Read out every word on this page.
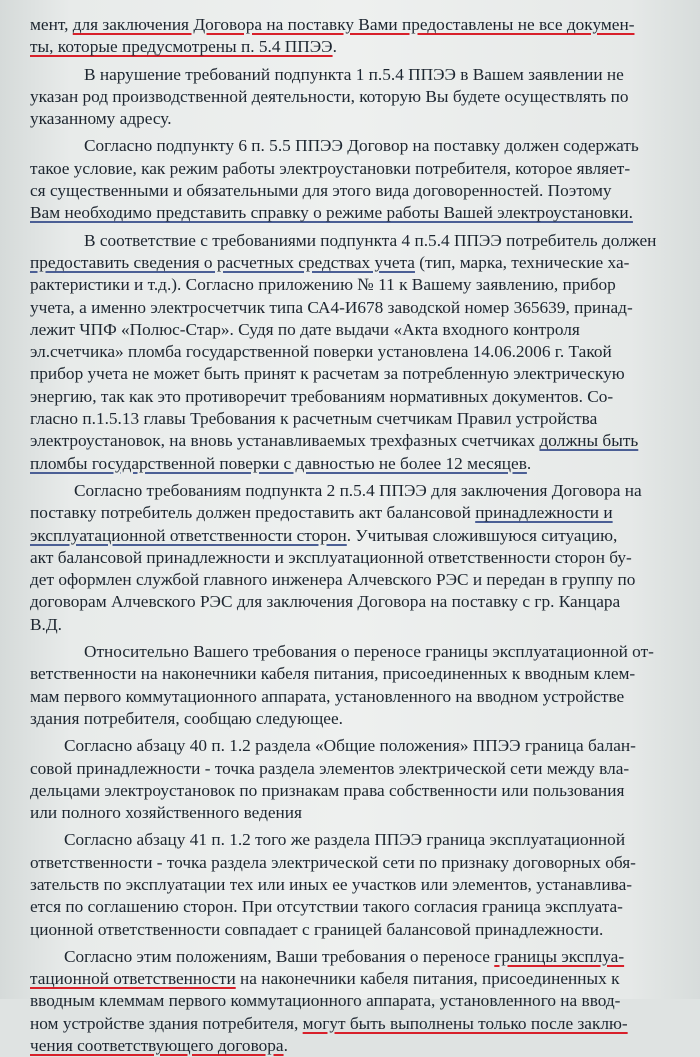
мент, для заключения Договора на поставку Вами предоставлены не все докумен-
ты, которые предусмотрены п. 5.4 ППЭЭ.

В нарушение требований подпункта 1 п.5.4 ППЭЭ в Вашем заявлении не
указан род производственной деятельности, которую Вы будете осуществлять по
указанному адресу.

Согласно подпункту 6 п. 5.5 ППЭЭ Договор на поставку должен содержать
такое условие, как режим работы электроустановки потребителя, которое являет-
ся существенными и обязательными для этого вида договоренностей. Поэтому
Вам необходимо представить справку о режиме работы Вашей электроустановки.

В соответствие с требованиями подпункта 4 п.5.4 ППЭЭ потребитель должен
предоставить сведения о расчетных средствах учета (тип, марка, технические ха-
рактеристики и т.д.). Согласно приложению № 11 к Вашему заявлению, прибор
учета, а именно электросчетчик типа СА4-И678 заводской номер 365639, принад-
лежит ЧПФ «Полюс-Стар». Судя по дате выдачи «Акта входного контроля
эл.счетчика» пломба государственной поверки установлена 14.06.2006 г. Такой
прибор учета не может быть принят к расчетам за потребленную электрическую
энергию, так как это противоречит требованиям нормативных документов. Со-
гласно п.1.5.13 главы Требования к расчетным счетчикам Правил устройства
электроустановок, на вновь устанавливаемых трехфазных счетчиках должны быть
пломбы государственной поверки с давностью не более 12 месяцев.

Согласно требованиям подпункта 2 п.5.4 ППЭЭ для заключения Договора на
поставку потребитель должен предоставить акт балансовой принадлежности и
эксплуатационной ответственности сторон. Учитывая сложившуюся ситуацию,
акт балансовой принадлежности и эксплуатационной ответственности сторон бу-
дет оформлен службой главного инженера Алчевского РЭС и передан в группу по
договорам Алчевского РЭС для заключения Договора на поставку с гр. Канцара
В.Д.

Относительно Вашего требования о переносе границы эксплуатационной от-
ветственности на наконечники кабеля питания, присоединенных к вводным клем-
мам первого коммутационного аппарата, установленного на вводном устройстве
здания потребителя, сообщаю следующее.

Согласно абзацу 40 п. 1.2 раздела «Общие положения» ППЭЭ граница балан-
совой принадлежности - точка раздела элементов электрической сети между вла-
дельцами электроустановок по признакам права собственности или пользования
или полного хозяйственного ведения

Согласно абзацу 41 п. 1.2 того же раздела ППЭЭ граница эксплуатационной
ответственности - точка раздела электрической сети по признаку договорных обя-
зательств по эксплуатации тех или иных ее участков или элементов, устанавлива-
ется по соглашению сторон. При отсутствии такого согласия граница эксплуата-
ционной ответственности совпадает с границей балансовой принадлежности.

Согласно этим положениям, Ваши требования о переносе границы эксплуа-
тационной ответственности на наконечники кабеля питания, присоединенных к
вводным клеммам первого коммутационного аппарата, установленного на ввод-
ном устройстве здания потребителя, могут быть выполнены только после заклю-
чения соответствующего договора.
